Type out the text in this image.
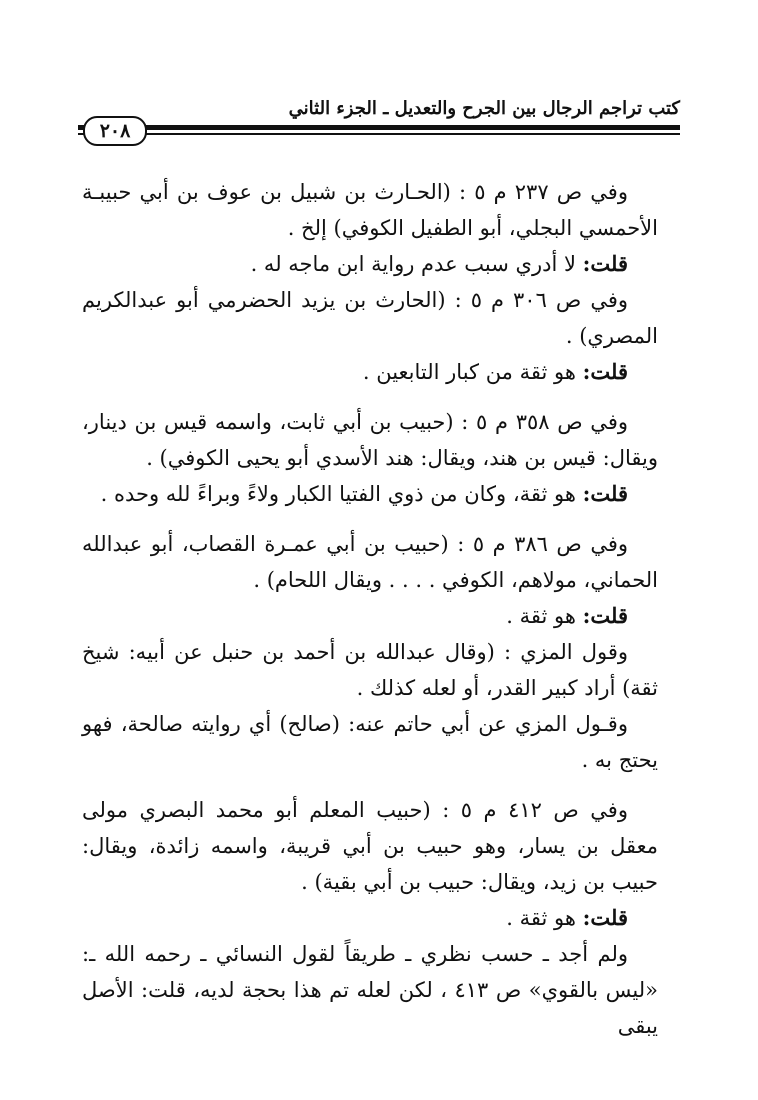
كتب تراجم الرجال بين الجرح والتعديل ـ الجزء الثاني
٢٠٨

وفي ص ٢٣٧ م ٥ : (الحـارث بن شبيل بن عوف بن أبي حبيبـة الأحمسي البجلي، أبو الطفيل الكوفي) إلخ .

قلت: لا أدري سبب عدم رواية ابن ماجه له .

وفي ص ٣٠٦ م ٥ : (الحارث بن يزيد الحضرمي أبو عبدالكريم المصري) .

قلت: هو ثقة من كبار التابعين .

وفي ص ٣٥٨ م ٥ : (حبيب بن أبي ثابت، واسمه قيس بن دينار، ويقال: قيس بن هند، ويقال: هند الأسدي أبو يحيى الكوفي) .

قلت: هو ثقة، وكان من ذوي الفتيا الكبار ولاءً وبراءً لله وحده .

وفي ص ٣٨٦ م ٥ : (حبيب بن أبي عمـرة القصاب، أبو عبدالله الحماني، مولاهم، الكوفي . . . . ويقال اللحام) .

قلت: هو ثقة .

وقول المزي : (وقال عبدالله بن أحمد بن حنبل عن أبيه: شيخ ثقة) أراد كبير القدر، أو لعله كذلك .

وقـول المزي عن أبي حاتم عنه: (صالح) أي روايته صالحة، فهو يحتج به .

وفي ص ٤١٢ م ٥ : (حبيب المعلم أبو محمد البصري مولى معقل بن يسار، وهو حبيب بن أبي قريبة، واسمه زائدة، ويقال: حبيب بن زيد، ويقال: حبيب بن أبي بقية) .

قلت: هو ثقة .

ولم أجد ـ حسب نظري ـ طريقاً لقول النسائي ـ رحمه الله ـ: «ليس بالقوي» ص ٤١٣ ، لكن لعله تم هذا بحجة لديه، قلت: الأصل يبقى
